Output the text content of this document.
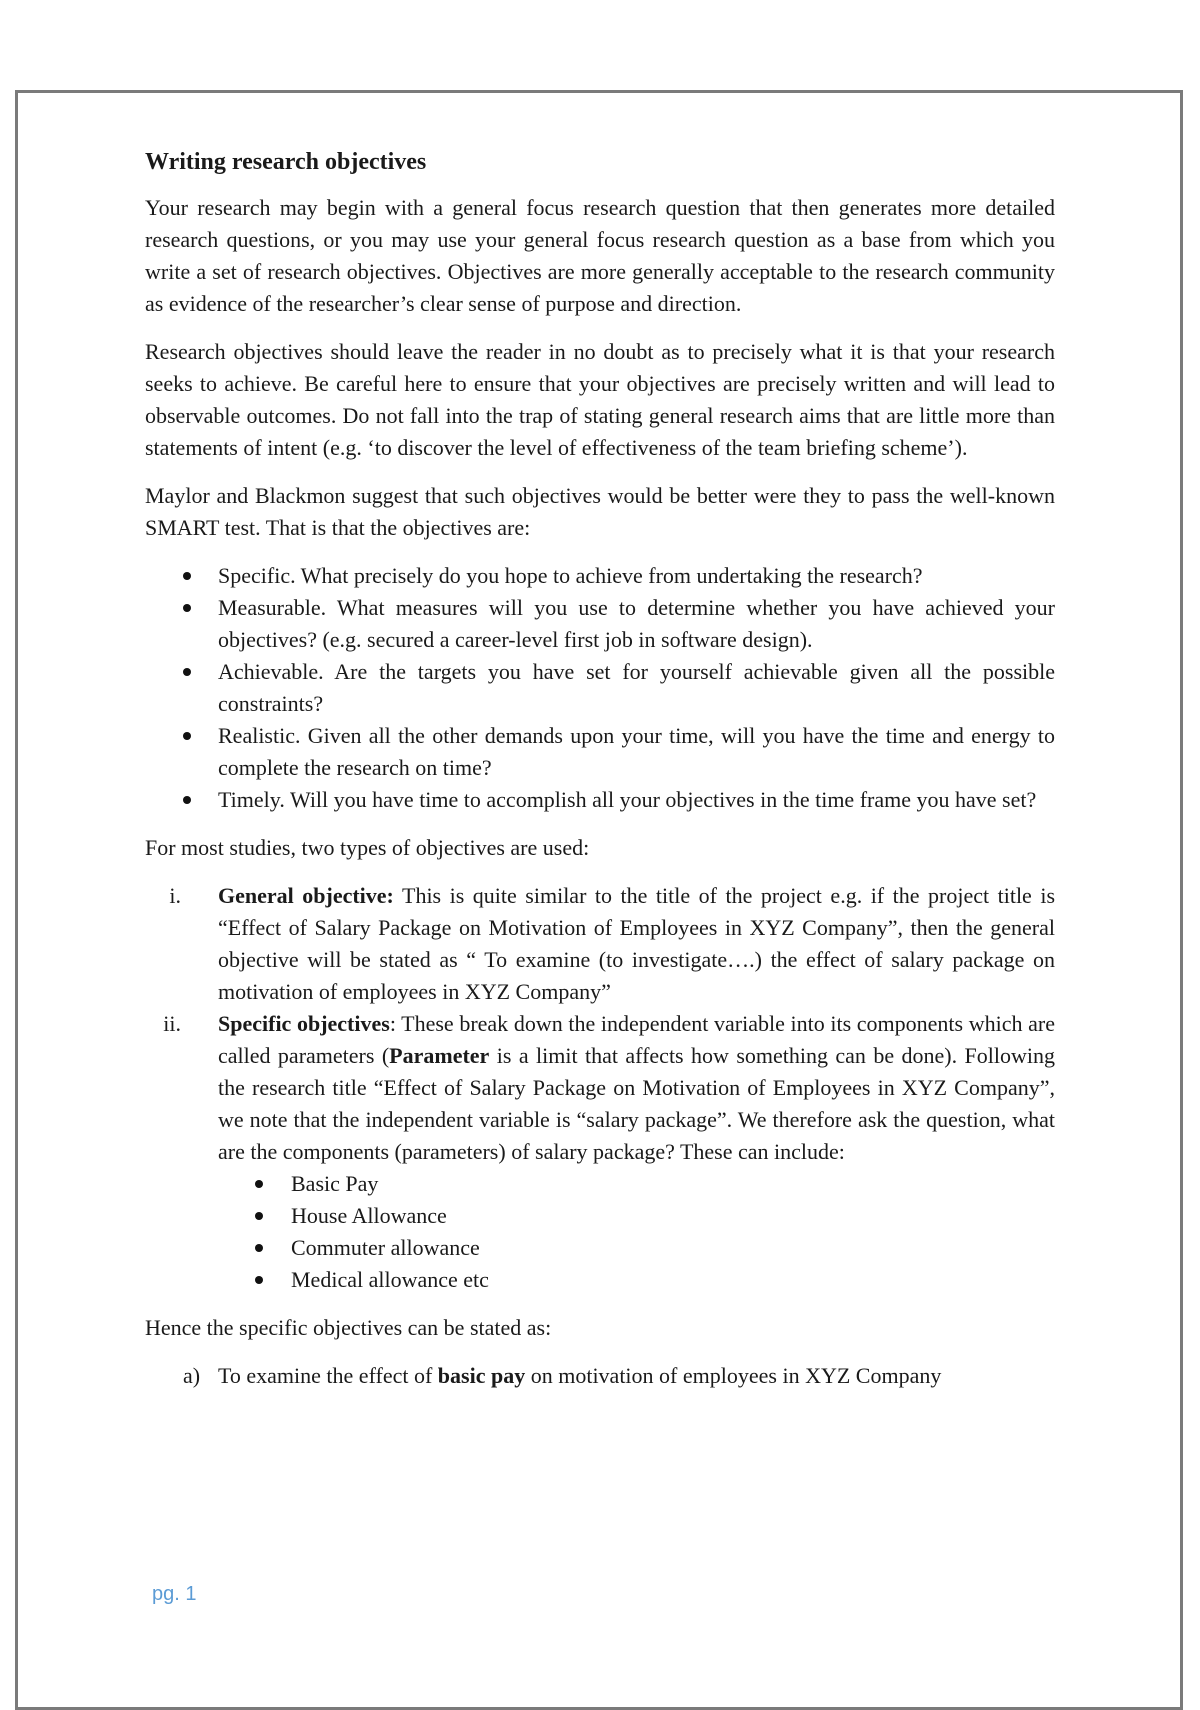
Writing research objectives

Your research may begin with a general focus research question that then generates more detailed research questions, or you may use your general focus research question as a base from which you write a set of research objectives. Objectives are more generally acceptable to the research community as evidence of the researcher’s clear sense of purpose and direction.

Research objectives should leave the reader in no doubt as to precisely what it is that your research seeks to achieve. Be careful here to ensure that your objectives are precisely written and will lead to observable outcomes. Do not fall into the trap of stating general research aims that are little more than statements of intent (e.g. ‘to discover the level of effectiveness of the team briefing scheme’).

Maylor and Blackmon suggest that such objectives would be better were they to pass the well-known SMART test. That is that the objectives are:

Specific. What precisely do you hope to achieve from undertaking the research?
Measurable. What measures will you use to determine whether you have achieved your objectives? (e.g. secured a career-level first job in software design).
Achievable. Are the targets you have set for yourself achievable given all the possible constraints?
Realistic. Given all the other demands upon your time, will you have the time and energy to complete the research on time?
Timely. Will you have time to accomplish all your objectives in the time frame you have set?

For most studies, two types of objectives are used:

i. General objective: This is quite similar to the title of the project e.g. if the project title is “Effect of Salary Package on Motivation of Employees in XYZ Company”, then the general objective will be stated as “ To examine (to investigate….) the effect of salary package on motivation of employees in XYZ Company”
ii. Specific objectives: These break down the independent variable into its components which are called parameters (Parameter is a limit that affects how something can be done). Following the research title “Effect of Salary Package on Motivation of Employees in XYZ Company”, we note that the independent variable is “salary package”. We therefore ask the question, what are the components (parameters) of salary package? These can include:
Basic Pay
House Allowance
Commuter allowance
Medical allowance etc

Hence the specific objectives can be stated as:

a) To examine the effect of basic pay on motivation of employees in XYZ Company
pg. 1
